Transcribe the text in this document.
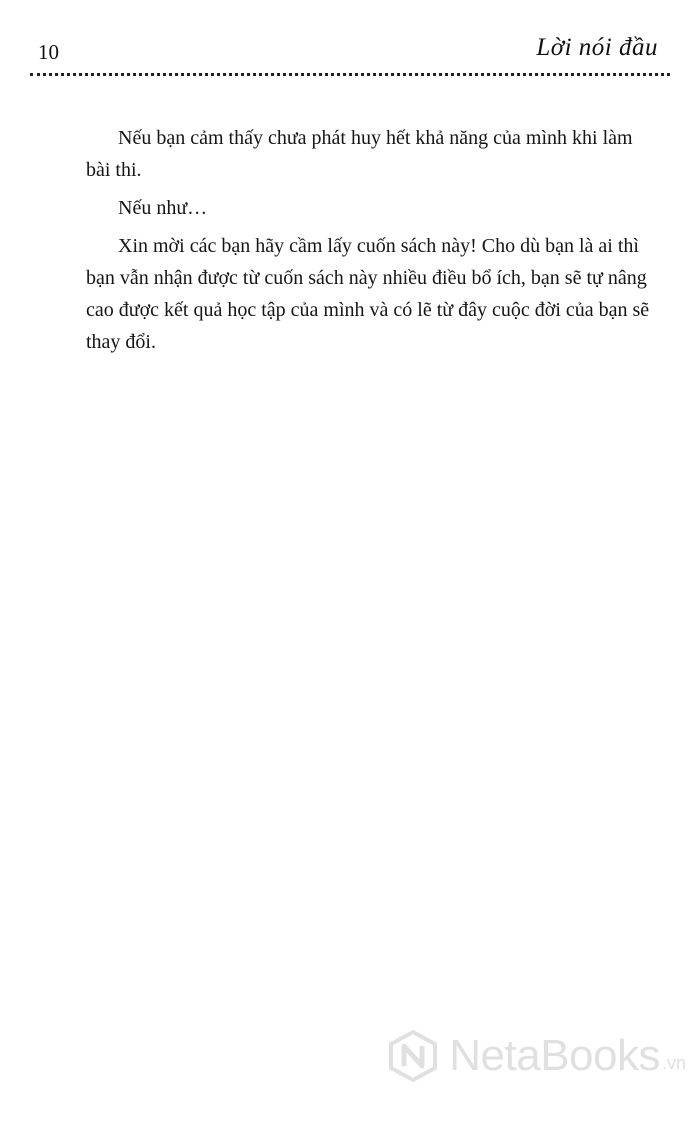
10	Lời nói đầu

Nếu bạn cảm thấy chưa phát huy hết khả năng của mình khi làm bài thi.

Nếu như…

Xin mời các bạn hãy cầm lấy cuốn sách này! Cho dù bạn là ai thì bạn vẫn nhận được từ cuốn sách này nhiều điều bổ ích, bạn sẽ tự nâng cao được kết quả học tập của mình và có lẽ từ đây cuộc đời của bạn sẽ thay đổi.

NetaBooks .vn
